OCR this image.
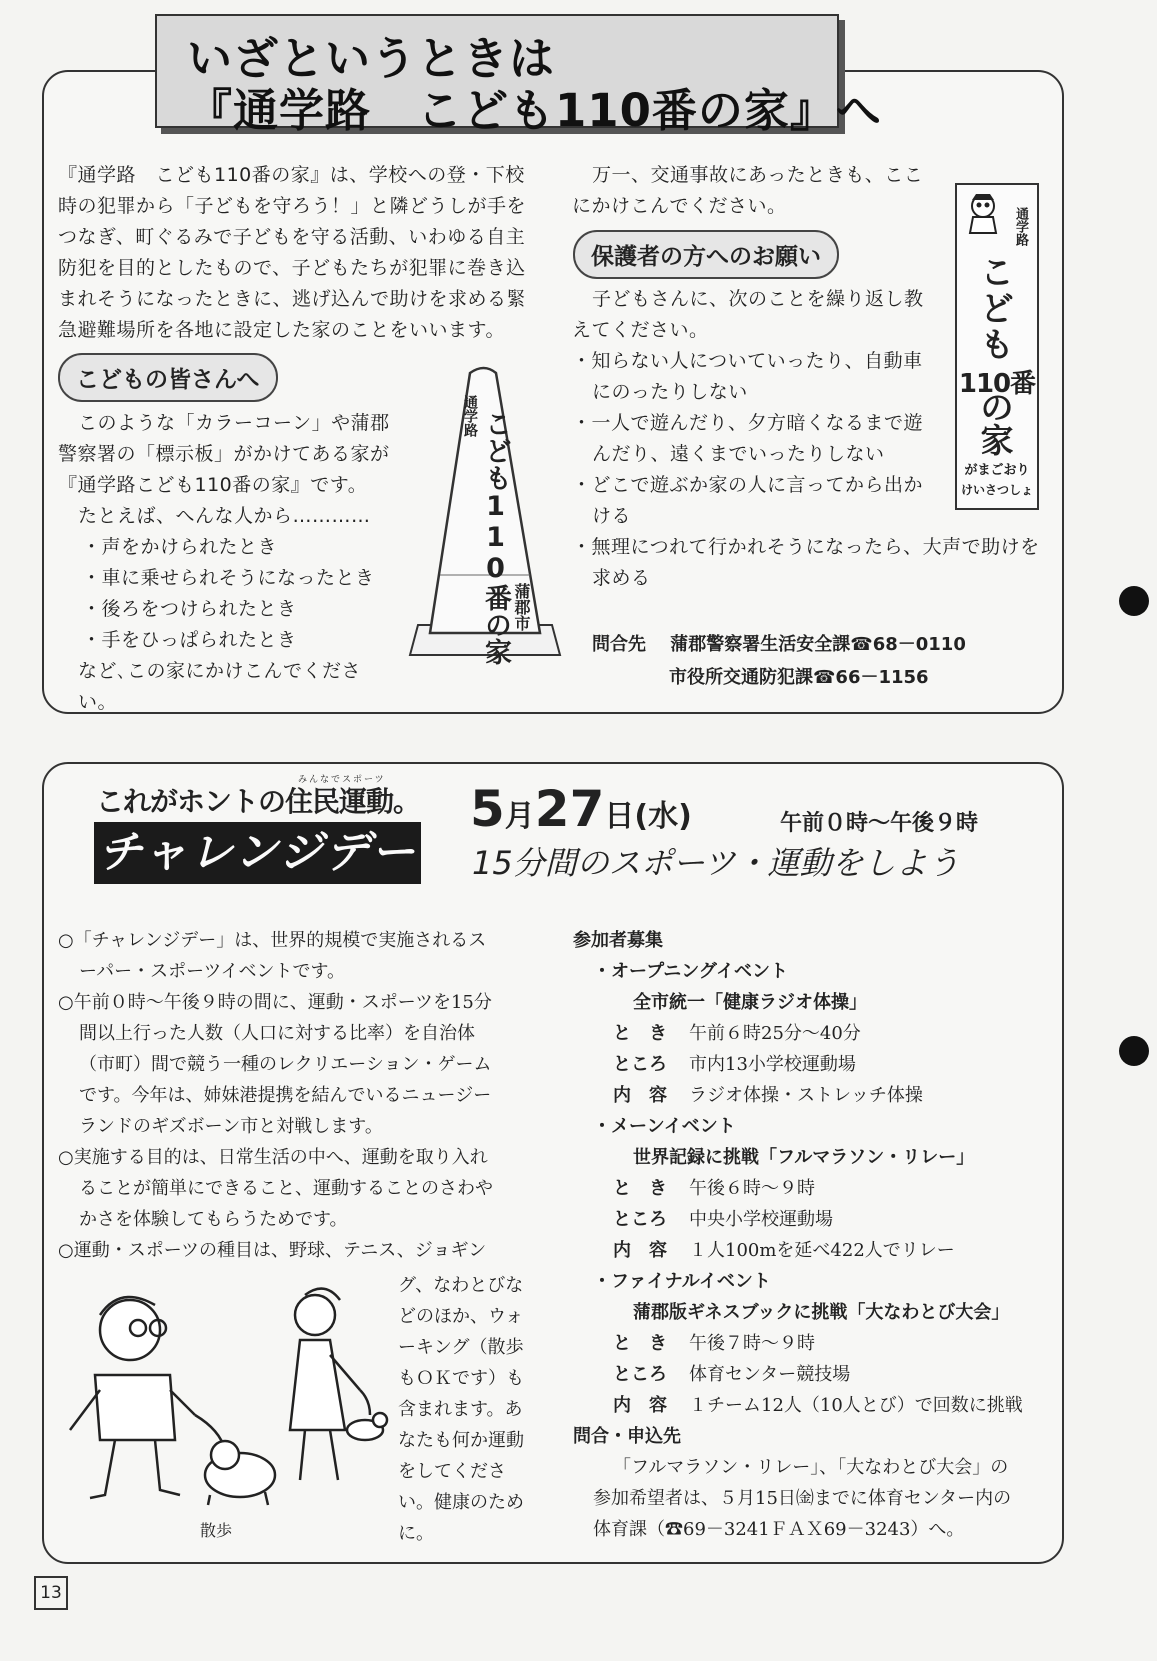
いざというときは
『通学路　こども110番の家』へ
『通学路　こども110番の家』は、学校への登・下校
時の犯罪から「子どもを守ろう！」と隣どうしが手を
つなぎ、町ぐるみで子どもを守る活動、いわゆる自主
防犯を目的としたもので、子どもたちが犯罪に巻き込
まれそうになったときに、逃げ込んで助けを求める緊
急避難場所を各地に設定した家のことをいいます。
こどもの皆さんへ
このような「カラーコーン」や蒲郡
警察署の「標示板」がかけてある家が
『通学路こども110番の家』です。
たとえば、へんな人から…………
・声をかけられたとき
・車に乗せられそうになったとき
・後ろをつけられたとき
・手をひっぱられたとき
など､この家にかけこんでください。
通学路 こども110番の家 蒲郡市
万一、交通事故にあったときも、ここ
にかけこんでください。
保護者の方へのお願い
子どもさんに、次のことを繰り返し教
えてください。
・知らない人についていったり、自動車
にのったりしない
・一人で遊んだり、夕方暗くなるまで遊
んだり、遠くまでいったりしない
・どこで遊ぶか家の人に言ってから出か
ける
・無理につれて行かれそうになったら、大声で助けを
求める
問合先 蒲郡警察署生活安全課☎68－0110
市役所交通防犯課☎66－1156
通学路
こども
110番
の家
がまごおり
けいさつしょ
みんなでスポーツ
これがホントの住民運動。
チャレンジデー
5月27日(水)	午前０時～午後９時
15分間のスポーツ・運動をしよう
○「チャレンジデー」は、世界的規模で実施されるス
ーパー・スポーツイベントです。
○午前０時～午後９時の間に、運動・スポーツを15分
間以上行った人数（人口に対する比率）を自治体
（市町）間で競う一種のレクリエーション・ゲーム
です。今年は、姉妹港提携を結んでいるニュージー
ランドのギズボーン市と対戦します。
○実施する目的は、日常生活の中へ、運動を取り入れ
ることが簡単にできること、運動することのさわや
かさを体験してもらうためです。
○運動・スポーツの種目は、野球、テニス、ジョギン
グ、なわとびな
どのほか、ウォ
ーキング（散歩
もＯＫです）も
含まれます。あ
なたも何か運動
をしてくださ
い。健康のため
に。
散歩
参加者募集
・オープニングイベント
全市統一「健康ラジオ体操」
と　き 午前６時25分～40分
ところ 市内13小学校運動場
内　容 ラジオ体操・ストレッチ体操
・メーンイベント
世界記録に挑戦「フルマラソン・リレー」
と　き 午後６時～９時
ところ 中央小学校運動場
内　容 １人100mを延べ422人でリレー
・ファイナルイベント
蒲郡版ギネスブックに挑戦「大なわとび大会」
と　き 午後７時～９時
ところ 体育センター競技場
内　容 １チーム12人（10人とび）で回数に挑戦
問合・申込先
「フルマラソン・リレー」、「大なわとび大会」の
参加希望者は、５月15日㈮までに体育センター内の
体育課（☎69－3241ＦＡＸ69－3243）へ。
13
